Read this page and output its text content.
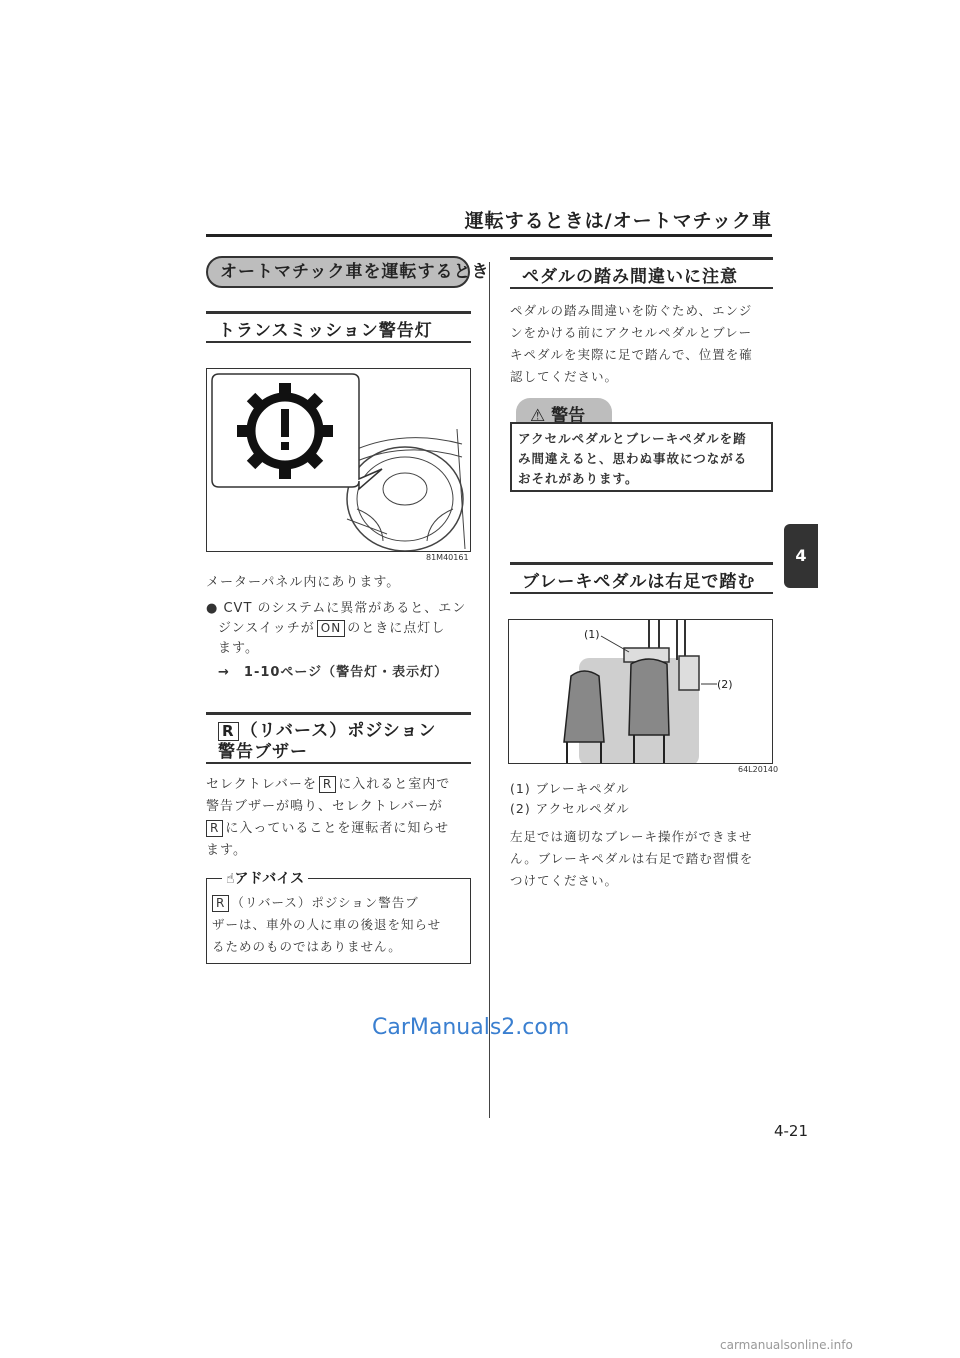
運転するときは/オートマチック車
4
オートマチック車を運転するとき
トランスミッション警告灯
81M40161
メーターパネル内にあります。
● CVT のシステムに異常があると、エン
ジンスイッチが ON のときに点灯し
ます。
→　1-10ページ（警告灯・表示灯）
R （リバース）ポジション
警告ブザー
セレクトレバーを R に入れると室内で
警告ブザーが鳴り、セレクトレバーが
R に入っていることを運転者に知らせ
ます。
☝アドバイス
R （リバース）ポジション警告ブ
ザーは、車外の人に車の後退を知らせ
るためのものではありません。
ペダルの踏み間違いに注意
ペダルの踏み間違いを防ぐため、エンジ
ンをかける前にアクセルペダルとブレー
キペダルを実際に足で踏んで、位置を確
認してください。
⚠ 警告
アクセルペダルとブレーキペダルを踏
み間違えると、思わぬ事故につながる
おそれがあります。
ブレーキペダルは右足で踏む
(1)
(2)
64L20140
(1) ブレーキペダル
(2) アクセルペダル
左足では適切なブレーキ操作ができませ
ん。ブレーキペダルは右足で踏む習慣を
つけてください。
4-21
CarManuals2.com
carmanualsonline.info
